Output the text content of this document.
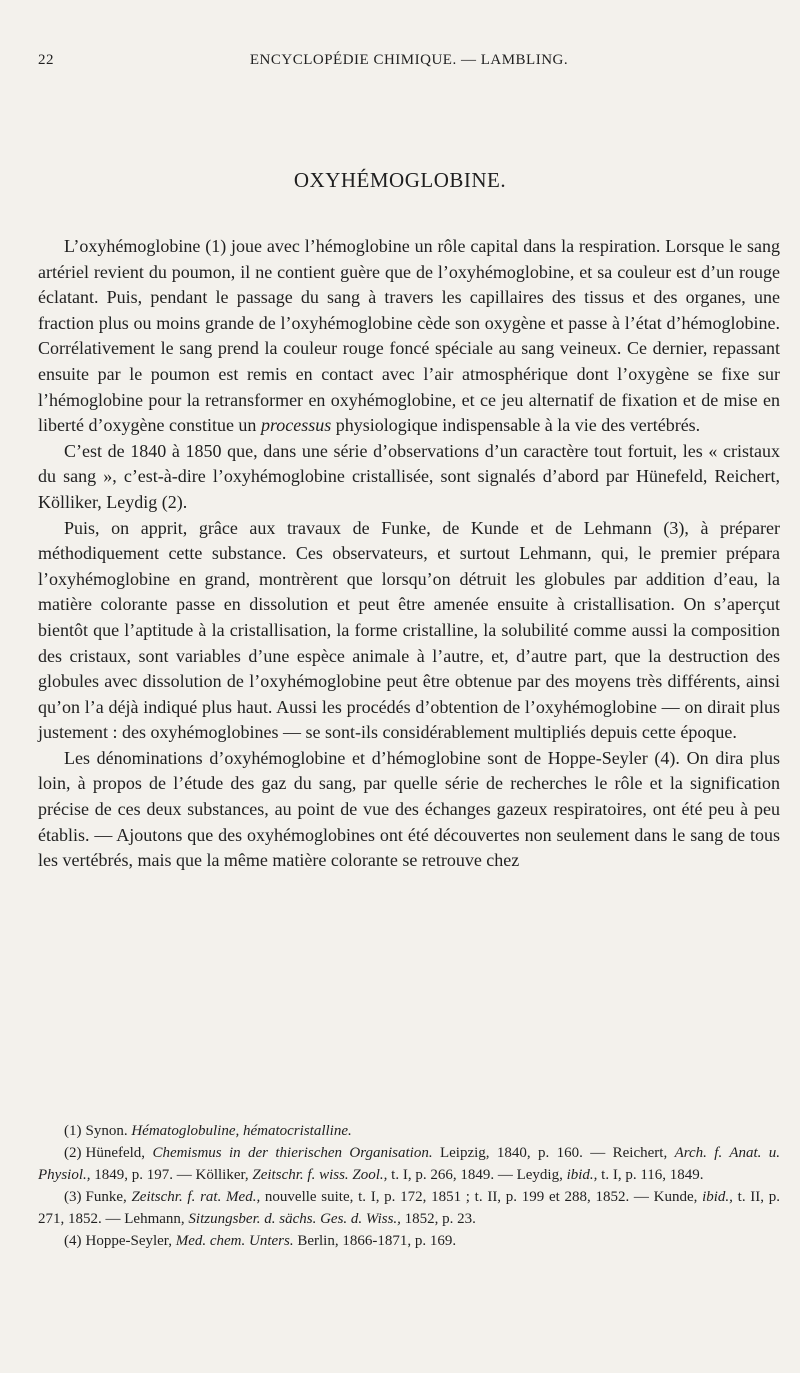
22	ENCYCLOPÉDIE CHIMIQUE. — LAMBLING.
OXYHÉMOGLOBINE.

L’oxyhémoglobine (1) joue avec l’hémoglobine un rôle capital dans la respiration. Lorsque le sang artériel revient du poumon, il ne contient guère que de l’oxyhémoglobine, et sa couleur est d’un rouge éclatant. Puis, pendant le passage du sang à travers les capillaires des tissus et des organes, une fraction plus ou moins grande de l’oxyhémoglobine cède son oxygène et passe à l’état d’hémoglobine. Corrélativement le sang prend la couleur rouge foncé spéciale au sang veineux. Ce dernier, repassant ensuite par le poumon est remis en contact avec l’air atmosphérique dont l’oxygène se fixe sur l’hémoglobine pour la retransformer en oxyhémoglobine, et ce jeu alternatif de fixation et de mise en liberté d’oxygène constitue un processus physiologique indispensable à la vie des vertébrés.

C’est de 1840 à 1850 que, dans une série d’observations d’un caractère tout fortuit, les « cristaux du sang », c’est-à-dire l’oxyhémoglobine cristallisée, sont signalés d’abord par Hünefeld, Reichert, Kölliker, Leydig (2).

Puis, on apprit, grâce aux travaux de Funke, de Kunde et de Lehmann (3), à préparer méthodiquement cette substance. Ces observateurs, et surtout Lehmann, qui, le premier prépara l’oxyhémoglobine en grand, montrèrent que lorsqu’on détruit les globules par addition d’eau, la matière colorante passe en dissolution et peut être amenée ensuite à cristallisation. On s’aperçut bientôt que l’aptitude à la cristallisation, la forme cristalline, la solubilité comme aussi la composition des cristaux, sont variables d’une espèce animale à l’autre, et, d’autre part, que la destruction des globules avec dissolution de l’oxyhémoglobine peut être obtenue par des moyens très différents, ainsi qu’on l’a déjà indiqué plus haut. Aussi les procédés d’obtention de l’oxyhémoglobine — on dirait plus justement : des oxyhémoglobines — se sont-ils considérablement multipliés depuis cette époque.

Les dénominations d’oxyhémoglobine et d’hémoglobine sont de Hoppe-Seyler (4). On dira plus loin, à propos de l’étude des gaz du sang, par quelle série de recherches le rôle et la signification précise de ces deux substances, au point de vue des échanges gazeux respiratoires, ont été peu à peu établis. — Ajoutons que des oxyhémoglobines ont été découvertes non seulement dans le sang de tous les vertébrés, mais que la même matière colorante se retrouve chez

(1) Synon. Hématoglobuline, hématocristalline.

(2) Hünefeld, Chemismus in der thierischen Organisation. Leipzig, 1840, p. 160. — Reichert, Arch. f. Anat. u. Physiol., 1849, p. 197. — Kölliker, Zeitschr. f. wiss. Zool., t. I, p. 266, 1849. — Leydig, ibid., t. I, p. 116, 1849.

(3) Funke, Zeitschr. f. rat. Med., nouvelle suite, t. I, p. 172, 1851 ; t. II, p. 199 et 288, 1852. — Kunde, ibid., t. II, p. 271, 1852. — Lehmann, Sitzungsber. d. sächs. Ges. d. Wiss., 1852, p. 23.

(4) Hoppe-Seyler, Med. chem. Unters. Berlin, 1866-1871, p. 169.
